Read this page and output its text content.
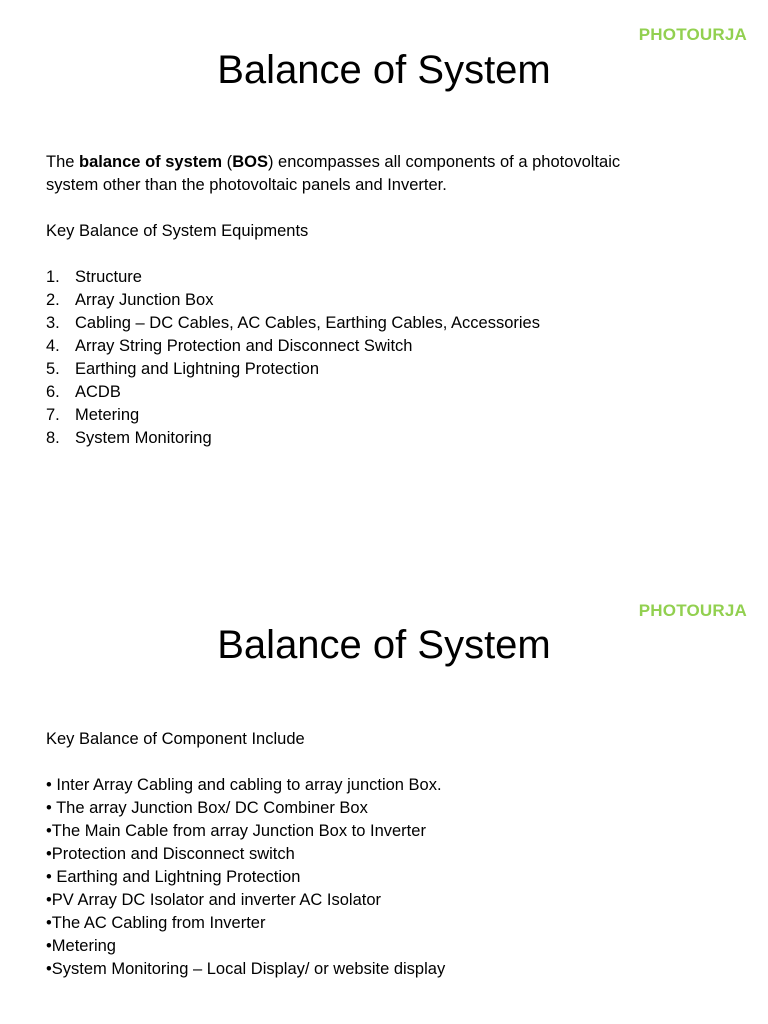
PHOTOURJA
Balance of System

The balance of system (BOS) encompasses all components of a photovoltaic
system other than the photovoltaic panels and Inverter.

Key Balance of System Equipments

1. Structure
2. Array Junction Box
3. Cabling – DC Cables, AC Cables, Earthing Cables, Accessories
4. Array String Protection and Disconnect Switch
5. Earthing and Lightning Protection
6. ACDB
7. Metering
8. System Monitoring
PHOTOURJA
Balance of System

Key Balance of Component Include

• Inter Array Cabling and cabling to array junction Box.
• The array Junction Box/ DC Combiner Box
•The Main Cable from array Junction Box to Inverter
•Protection and Disconnect switch
• Earthing and Lightning Protection
•PV Array DC Isolator and inverter AC Isolator
•The AC Cabling from Inverter
•Metering
•System Monitoring – Local Display/ or website display
